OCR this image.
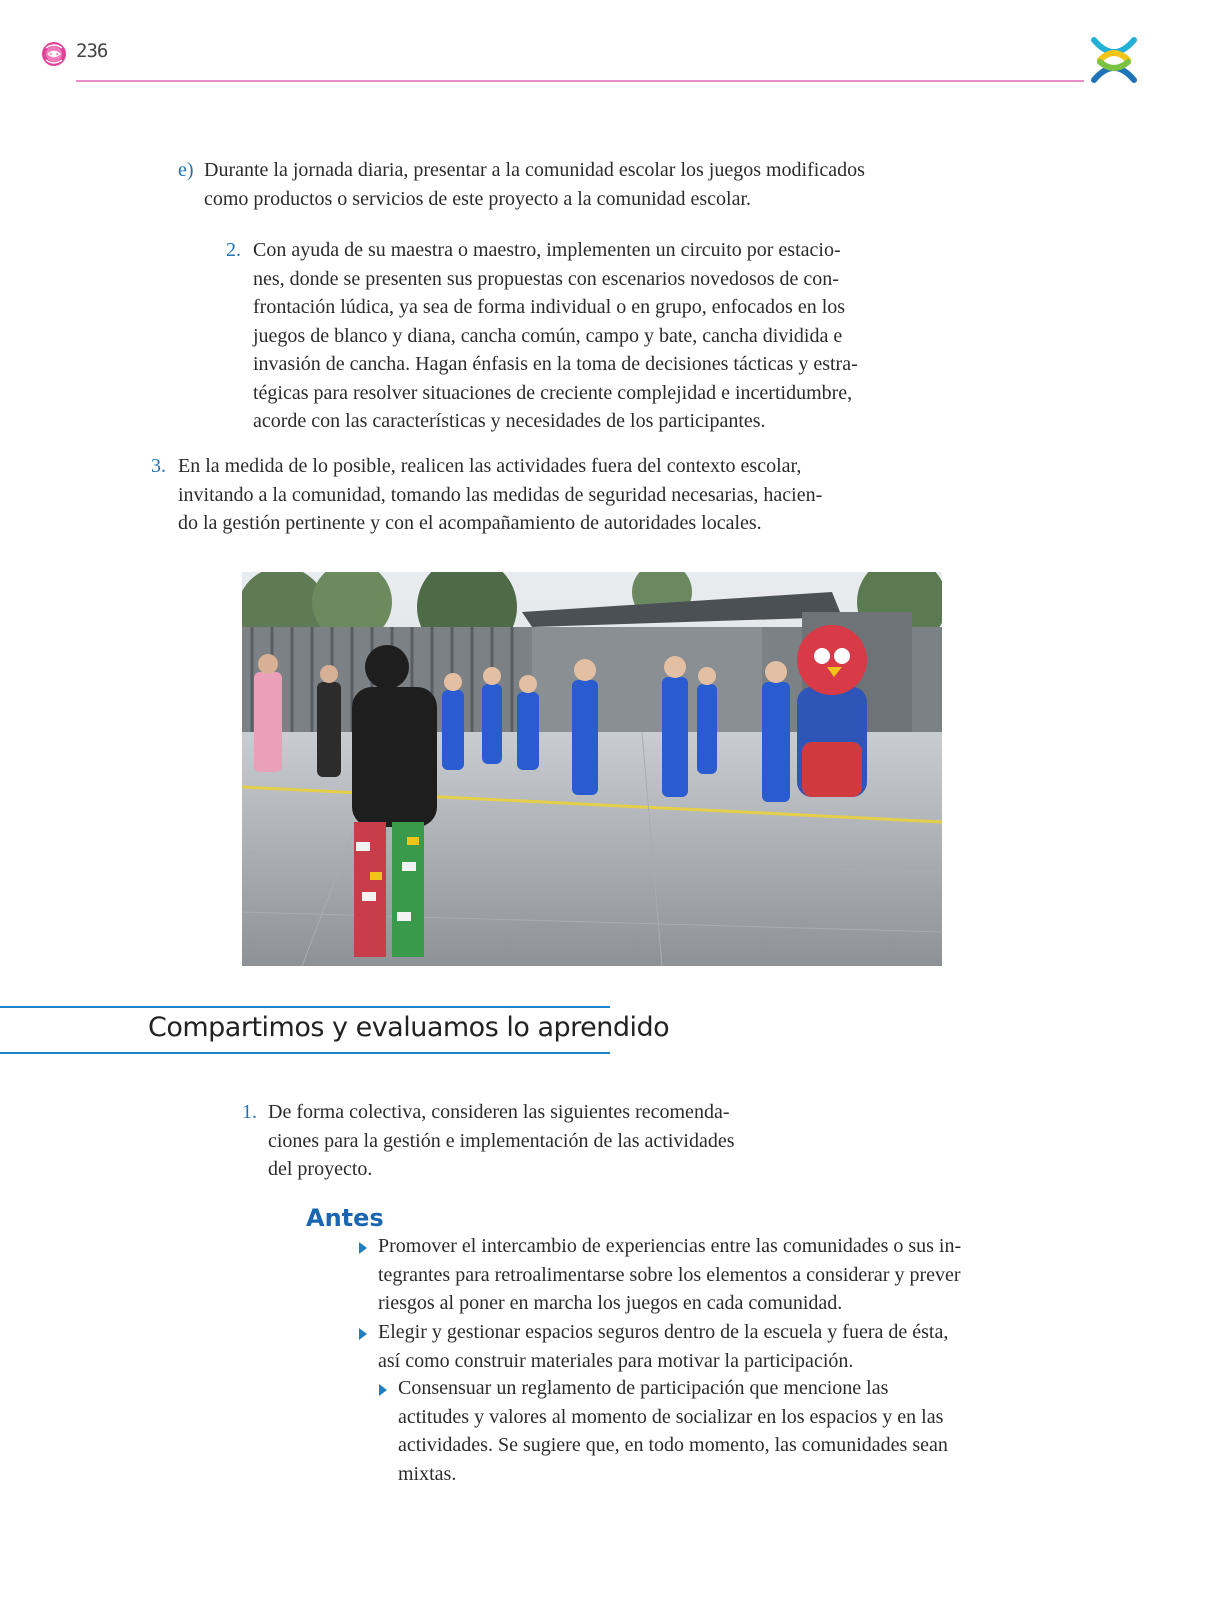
236
e) Durante la jornada diaria, presentar a la comunidad escolar los juegos modificados
como productos o servicios de este proyecto a la comunidad escolar.
2. Con ayuda de su maestra o maestro, implementen un circuito por estacio-
nes, donde se presenten sus propuestas con escenarios novedosos de con-
frontación lúdica, ya sea de forma individual o en grupo, enfocados en los
juegos de blanco y diana, cancha común, campo y bate, cancha dividida e
invasión de cancha. Hagan énfasis en la toma de decisiones tácticas y estra-
tégicas para resolver situaciones de creciente complejidad e incertidumbre,
acorde con las características y necesidades de los participantes.
3. En la medida de lo posible, realicen las actividades fuera del contexto escolar,
invitando a la comunidad, tomando las medidas de seguridad necesarias, hacien-
do la gestión pertinente y con el acompañamiento de autoridades locales.
Compartimos y evaluamos lo aprendido
1. De forma colectiva, consideren las siguientes recomenda-
ciones para la gestión e implementación de las actividades
del proyecto.
Antes
Promover el intercambio de experiencias entre las comunidades o sus in-
tegrantes para retroalimentarse sobre los elementos a considerar y prever
riesgos al poner en marcha los juegos en cada comunidad.
Elegir y gestionar espacios seguros dentro de la escuela y fuera de ésta,
así como construir materiales para motivar la participación.
Consensuar un reglamento de participación que mencione las
actitudes y valores al momento de socializar en los espacios y en las
actividades. Se sugiere que, en todo momento, las comunidades sean
mixtas.
